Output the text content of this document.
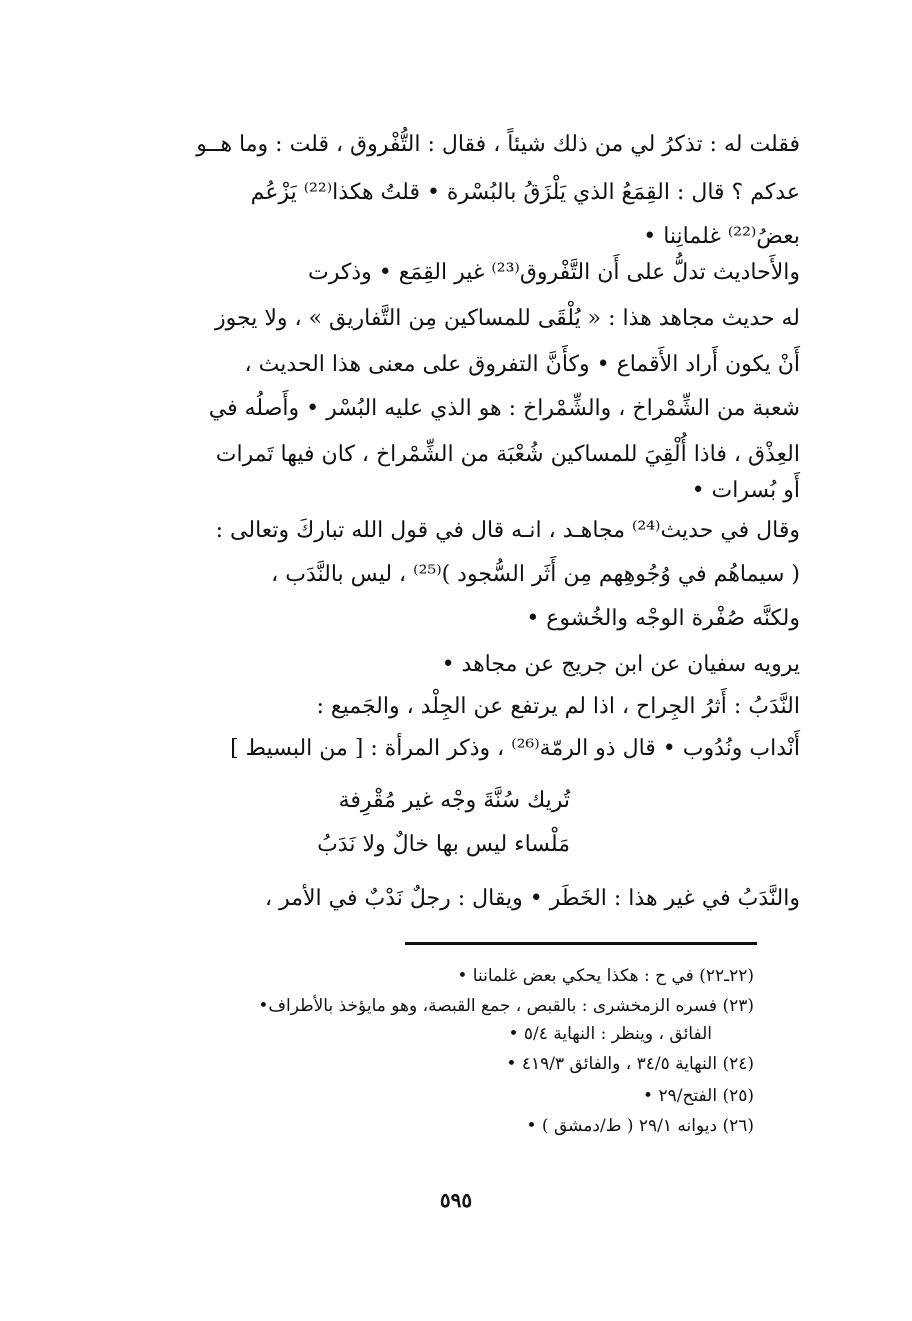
فقلت له : تذكرُ لي من ذلك شيئاً ، فقال : التُّفْروق ، قلت : وما هــو
عدكم ؟ قال : القِمَعُ الذي يَلْزَقُ بالبُسْرة • قلتُ هكذا⁽²²⁾ يَزْعُم
بعضُ⁽²²⁾ غلمانِنا •
والأَحاديث تدلُّ على أَن التَّفْروق⁽²³⁾ غير القِمَع • وذكرت
له حديث مجاهد هذا : « يُلْقَى للمساكين مِن التَّفاريق » ، ولا يجوز
أَنْ يكون أَراد الأَقماع • وكأَنَّ التفروق على معنى هذا الحديث ،
شعبة من الشِّمْراخ ، والشِّمْراخ : هو الذي عليه البُسْر • وأَصلُه في
العِذْق ، فاذا أُلْقِيَ للمساكين شُعْبَة من الشِّمْراخ ، كان فيها تَمرات
أَو بُسرات •
وقال في حديث⁽²⁴⁾ مجاهـد ، انـه قال في قول الله تباركَ وتعالى :
( سيماهُم في وُجُوهِهم مِن أَثَر السُّجود )⁽²⁵⁾ ، ليس بالنَّدَب ،
ولكنَّه صُفْرة الوجْه والخُشوع •
يرويه سفيان عن ابن جريج عن مجاهد •
النَّدَبُ : أَثرُ الجِراح ، اذا لم يرتفع عن الجِلْد ، والجَميع :
أَنْداب ونُدُوب • قال ذو الرمّة⁽²⁶⁾ ، وذكر المرأة : [ من البسيط ]
تُريك سُنَّةَ وجْه غير مُقْرِفة
مَلْساء ليس بها خالٌ ولا نَدَبُ
والنَّدَبُ في غير هذا : الخَطَر • ويقال : رجلٌ نَدْبٌ في الأمر ،
(٢٢ـ٢٢) في ح : هكذا يحكي بعض غلماننا •
(٢٣) فسره الزمخشرى : بالقبص ، جمع القبصة، وهو مايؤخذ بالأطراف•
الفائق ، وينظر : النهاية ٥/٤ •
(٢٤) النهاية ٣٤/٥ ، والفائق ٤١٩/٣ •
(٢٥) الفتح/٢٩ •
(٢٦) ديوانه ٢٩/١ ( ط/دمشق ) •
٥٩٥
